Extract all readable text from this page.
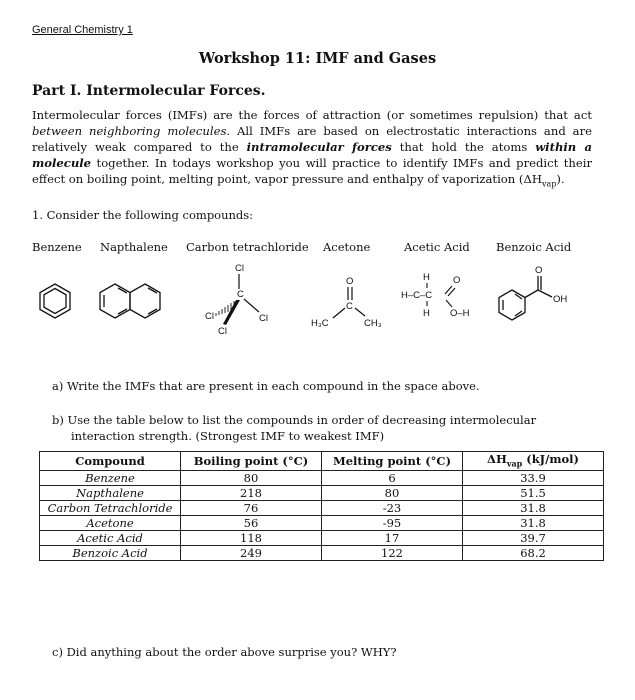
General Chemistry 1
Workshop 11: IMF and Gases
Part I. Intermolecular Forces.
Intermolecular forces (IMFs) are the forces of attraction (or sometimes repulsion) that act between neighboring molecules. All IMFs are based on electrostatic interactions and are relatively weak compared to the intramolecular forces that hold the atoms within a molecule together. In todays workshop you will practice to identify IMFs and predict their effect on boiling point, melting point, vapor pressure and enthalpy of vaporization $(\Delta H_{vap})$.
1. Consider the following compounds:
Benzene Napthalene Carbon tetrachloride Acetone	Acetic Acid Benzoic Acid
Cl
C
Cl	Cl
Cl
O
C
H₃C	CH₃
H O
H–C–C
H O–H
O
OH
a) Write the IMFs that are present in each compound in the space above.
b) Use the table below to list the compounds in order of decreasing intermolecular
interaction strength. (Strongest IMF to weakest IMF)
Compound	Boiling point (°C)	Melting point (°C)	$\Delta H_{vap}$ (kJ/mol)
Benzene	80	6	33.9
Napthalene	218	80	51.5
Carbon Tetrachloride	76	-23	31.8
Acetone	56	-95	31.8
Acetic Acid	118	17	39.7
Benzoic Acid	249	122	68.2
c) Did anything about the order above surprise you? WHY?
